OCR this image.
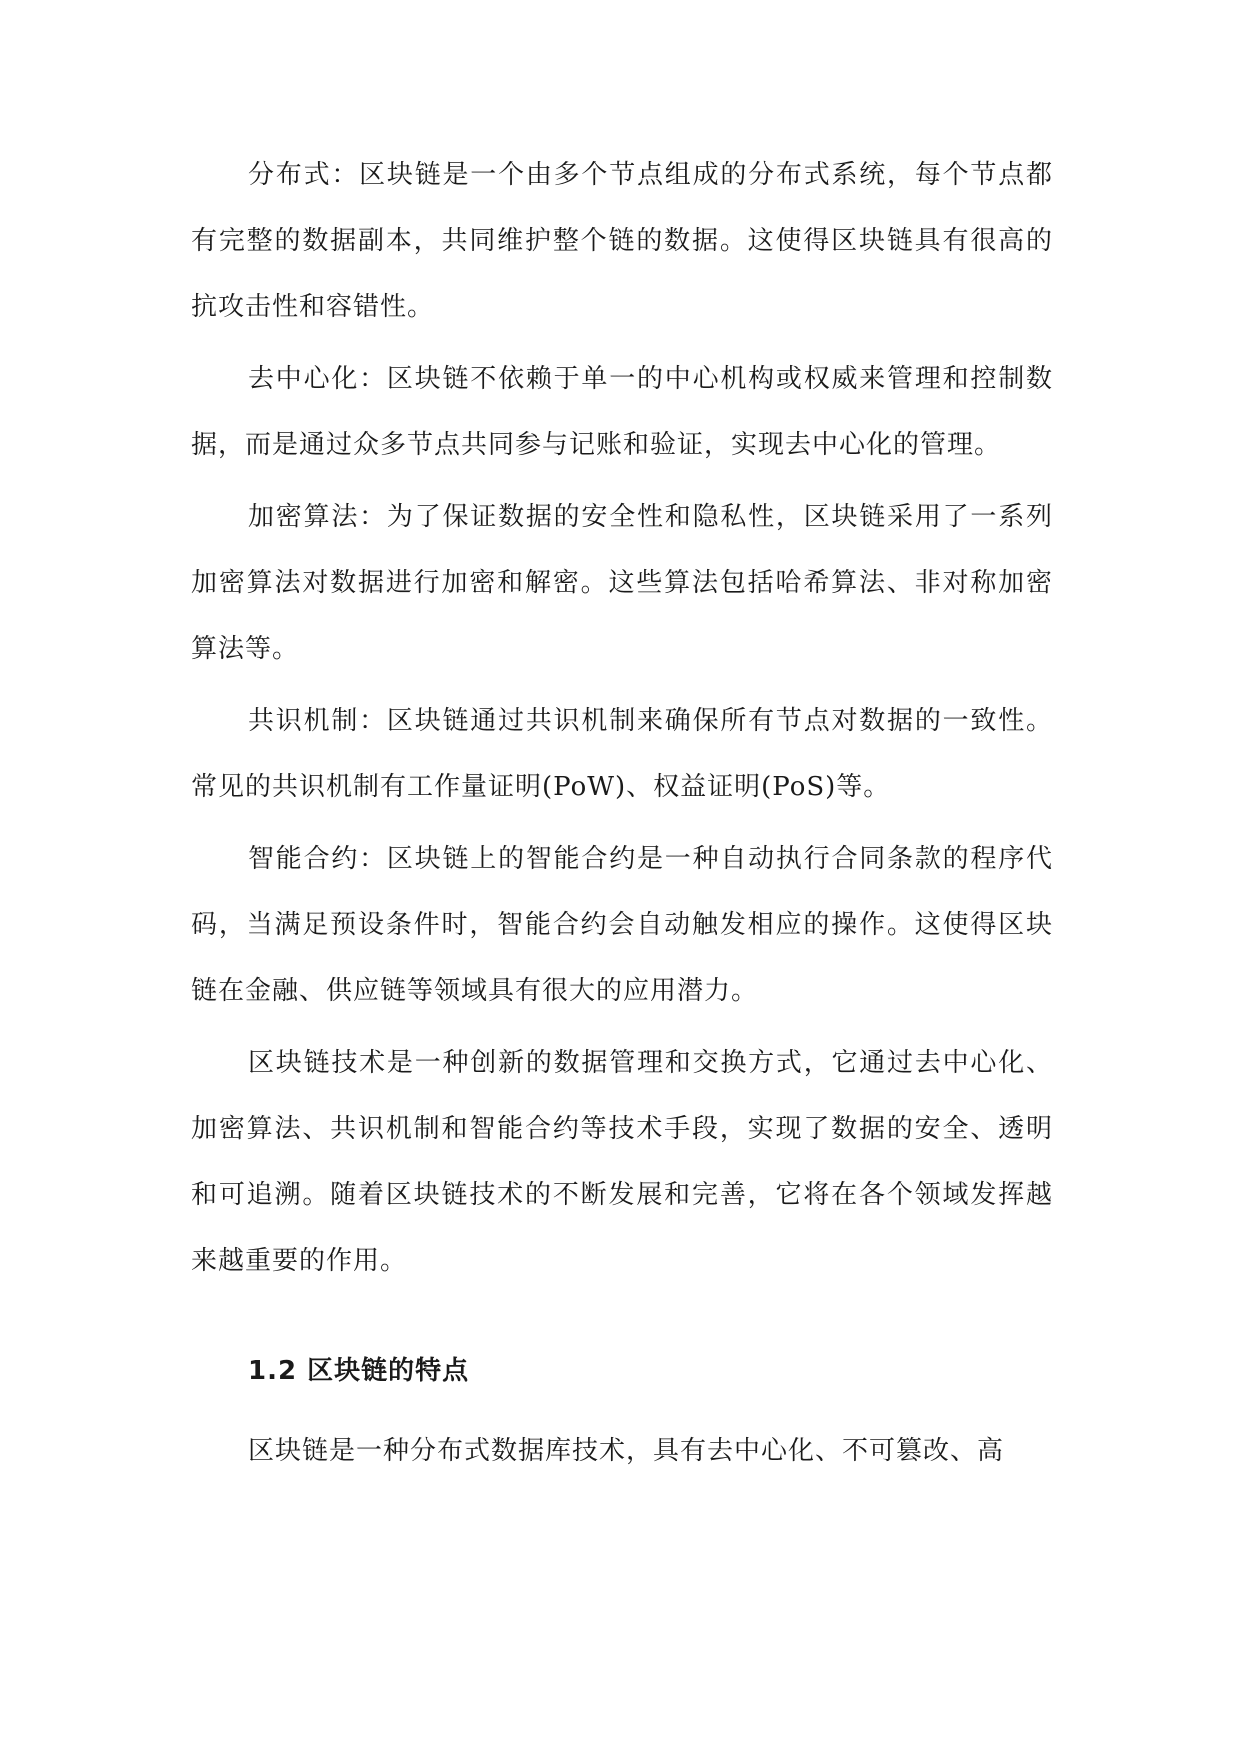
分布式：区块链是一个由多个节点组成的分布式系统，每个节点都有完整的数据副本，共同维护整个链的数据。这使得区块链具有很高的抗攻击性和容错性。

去中心化：区块链不依赖于单一的中心机构或权威来管理和控制数据，而是通过众多节点共同参与记账和验证，实现去中心化的管理。

加密算法：为了保证数据的安全性和隐私性，区块链采用了一系列加密算法对数据进行加密和解密。这些算法包括哈希算法、非对称加密算法等。

共识机制：区块链通过共识机制来确保所有节点对数据的一致性。常见的共识机制有工作量证明(PoW)、权益证明(PoS)等。

智能合约：区块链上的智能合约是一种自动执行合同条款的程序代码，当满足预设条件时，智能合约会自动触发相应的操作。这使得区块链在金融、供应链等领域具有很大的应用潜力。

区块链技术是一种创新的数据管理和交换方式，它通过去中心化、加密算法、共识机制和智能合约等技术手段，实现了数据的安全、透明和可追溯。随着区块链技术的不断发展和完善，它将在各个领域发挥越来越重要的作用。

1.2 区块链的特点

区块链是一种分布式数据库技术，具有去中心化、不可篡改、高
